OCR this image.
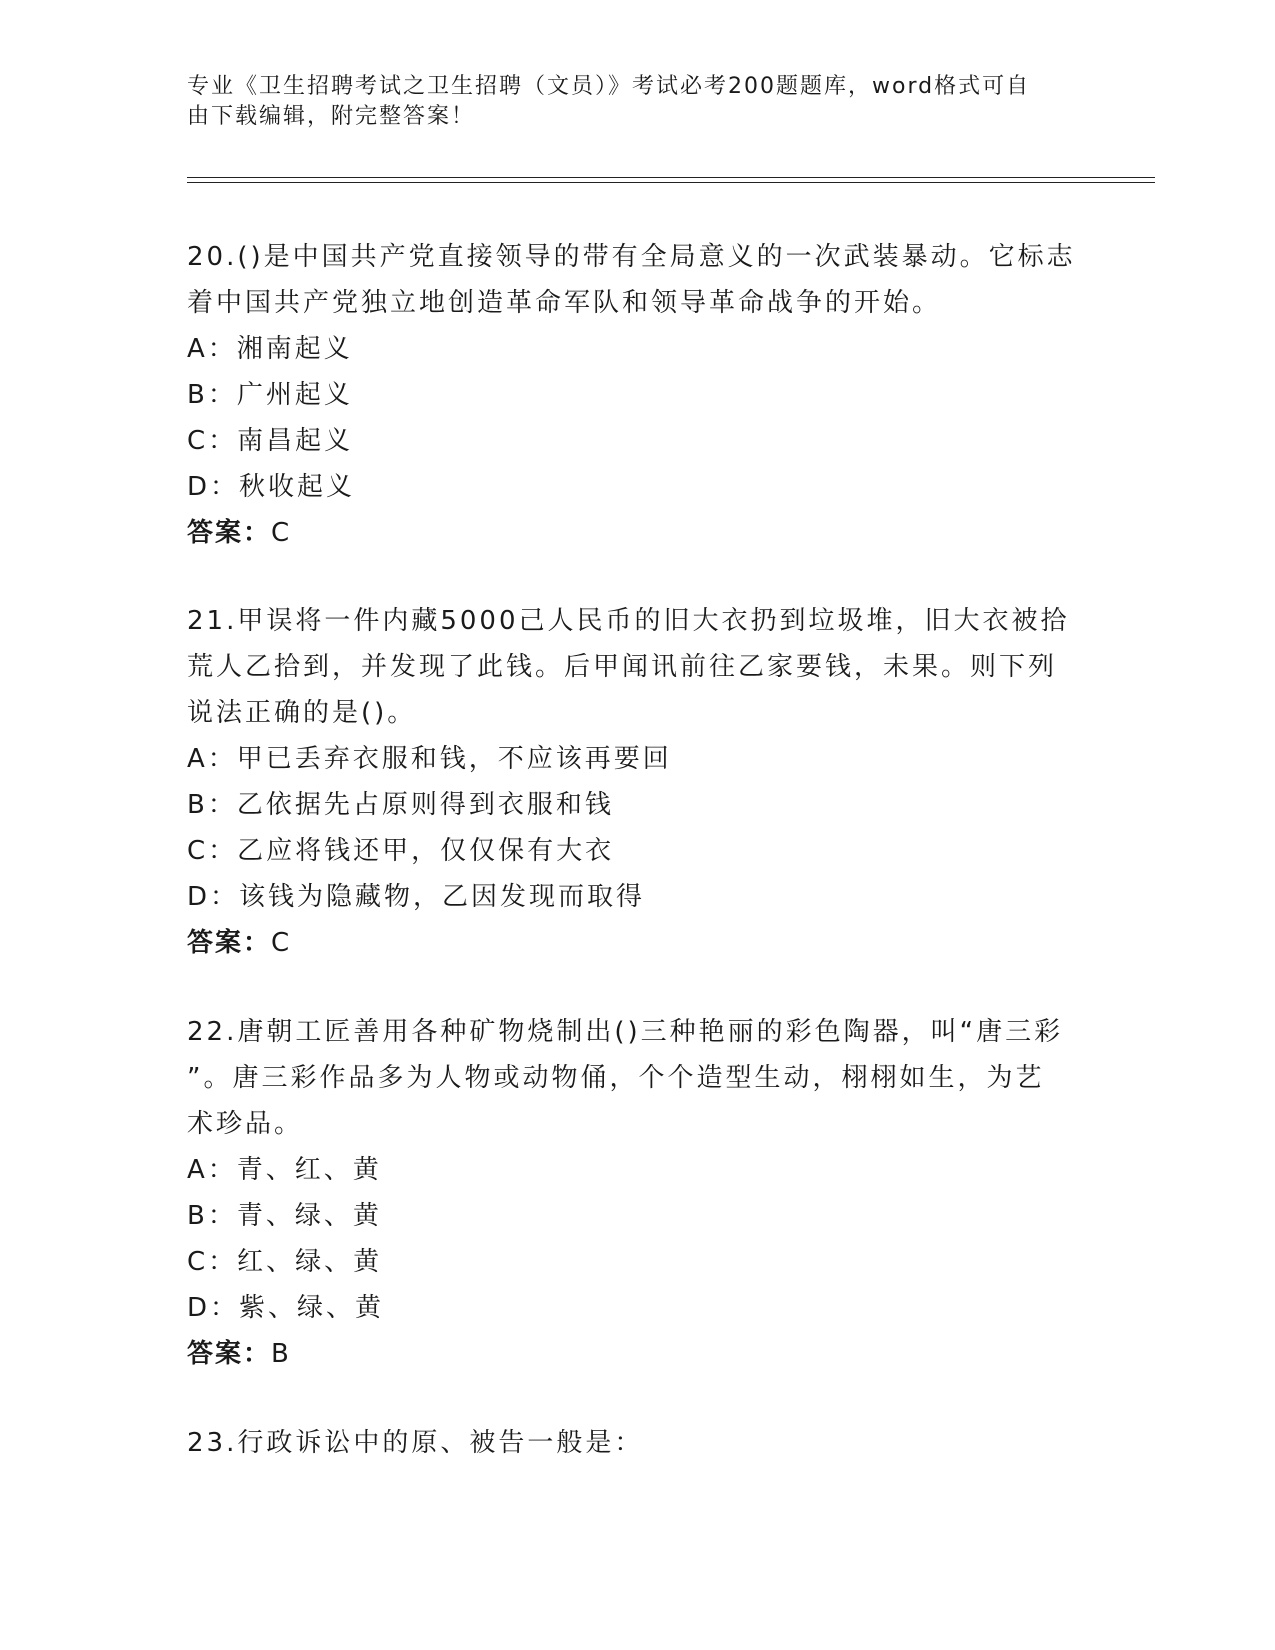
专业《卫生招聘考试之卫生招聘（文员）》考试必考200题题库，word格式可自
由下载编辑，附完整答案！

20.()是中国共产党直接领导的带有全局意义的一次武装暴动。它标志

着中国共产党独立地创造革命军队和领导革命战争的开始。

A：湘南起义

B：广州起义

C：南昌起义

D：秋收起义

答案：C

21.甲误将一件内藏5000己人民币的旧大衣扔到垃圾堆，旧大衣被拾

荒人乙拾到，并发现了此钱。后甲闻讯前往乙家要钱，未果。则下列

说法正确的是()。

A：甲已丢弃衣服和钱，不应该再要回

B：乙依据先占原则得到衣服和钱

C：乙应将钱还甲，仅仅保有大衣

D：该钱为隐藏物，乙因发现而取得

答案：C

22.唐朝工匠善用各种矿物烧制出()三种艳丽的彩色陶器，叫“唐三彩

”。唐三彩作品多为人物或动物俑，个个造型生动，栩栩如生，为艺

术珍品。

A：青、红、黄

B：青、绿、黄

C：红、绿、黄

D：紫、绿、黄

答案：B

23.行政诉讼中的原、被告一般是：
